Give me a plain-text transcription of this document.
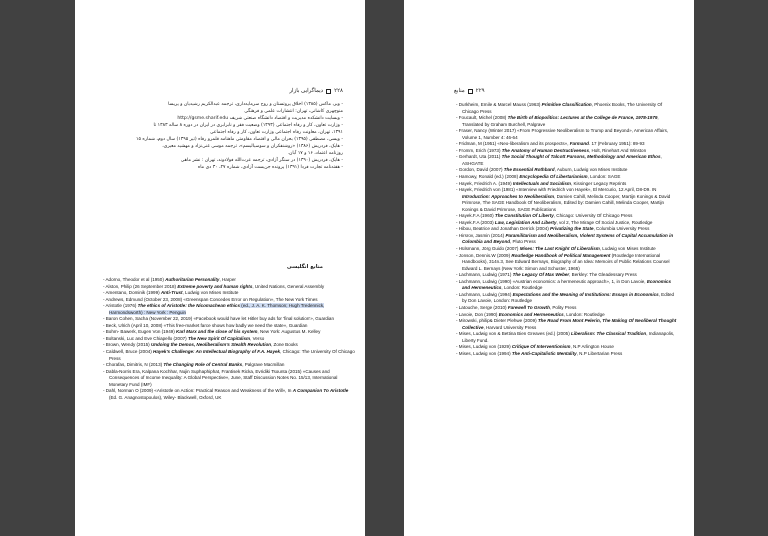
۲۲۸
دیماگرایی بازار
- وبر، ماکس (۱۳۸۵) اخلاق پروتستان و روح سرمایه‌داری، ترجمه عبدالکریم رشیدیان و پریسا
منوچهری کاشانی، تهران: انتشارات علمی و فرهنگی
- وبسایت دانشکده مدیریت و اقتصاد دانشگاه صنعتی شریف http://gsme.sharif.edu
- وزارت تعاون، کار و رفاه اجتماعی (۱۳۹۳) وضعیت فقر و نابرابری در ایران در دوره ۸ ساله ۱۳۸۳ تا
۱۳۹۱، تهران، معاونت رفاه اجتماعی وزارت تعاون، کار و رفاه اجتماعی
- ویسی، مصطفی (۱۳۹۵) بحران مالی و اقتصاد مقاومتی ماهنامه قلمرو رفاه (تیر ۱۳۹۵) سال دوم، شماره ۱۵
- هایک، فردریش (۱۳۸۶) «روشنفکران و سوسیالیسم»، ترجمه موسی غنی‌نژاد و مهشید معیری،
روزنامه اعتماد، ۱۶ و ۱۷ آبان.
- هایک، فردریش (۱۳۹۰) در سنگر آزادی، ترجمه عزت‌الله فولادوند، تهران : نشر ماهی
- هفته‌نامه تجارت فردا (۱۳۹۱) پرونده جن‌بست آزادی، شماره ۲۷، ۳۰ دی ماه
منابع انگلیسی
- Adorno, Theodor et al (1950) Authoritarian Personality, Harper
- Alston, Philip (26 September 2018) Extreme poverty and human rights, United Nations, General Assembly
- Amentano, Dominik (1999) Anti-Trust, Ludwig von Mises Institute
- Andrews, Edmund (October 23, 2008) «Greenspan Concedes Error on Regulation», The New York Times
- Aristotle (1976) The ethics of Aristotle: the Nicomachean ethics (ed., J. A. K. Thomson; Hugh Tredennick, Harmondsworth) : New York : Penguin
- Baron Cohen, Sacha (November 22, 2019) «Facebook would have let Hitler buy ads for 'final solution'», Guardian
- Beck, Ulrich (April 10, 2008) «This free-market farce shows how badly we need the state», Guardian
- Bohm- Bawerk, Eugen Von (1949) Karl Marx and the close of his system, New York: Augustus M. Kelley
- Boltanski, Luc and Eve Chiapello (2007) The New Spirit Of Capitalism, Verso
- Brown, Wendy (2015) Undoing the Demos, Neoliberalism's Stealth Revolution, Zone Books
- Caldwell, Bruce (2004) Hayek's Challenge: An Intellectual Biography of F.A. Hayek, Chicago: The University Of Chicago Press
- Chorafas, Dimitris, N (2013) The Changing Role of Central Banks, Palgrave Macmillan
- Dabla-Norris Era, Kalpana Kochhar, Nujin Suphaphiphat, Frantisek Ricka, Evridiki Tsounta (2015) «Causes and Consequences of Income Inequality: A Global Perspective», June, Staff Discussion Notes No. 15/13, International Monetary Fund (IMF)
- Dahl, Norman O (2009) «Aristotle on Action: Practical Reason and Weakness of the Will», In A Companion To Aristotle (Ed. G. Anagnostopoulos), Wiley- Blackwell, Oxford, UK
۲۲۹
منابع
- Durkheim, Emile & Marcel Mauss (1963) Primitive Classification, Phoenix Books, The University Of Chicago Press
- Foucault, Michel (2008) The Birth of Biopolitics: Lectures at the College de France, 1978-1979, Translated by Graham Burchell, Palgrave
- Fraser, Nancy (Winter 2017) «From Progressive Neoliberalism to Trump and Beyond», American Affairs, Volume 1, Number 4: 46-64
- Fridman, M (1951) «Neo-liberalism and its prospects», Farmand. 17 (February 1951): 89-93
- Fromm, Erich (1973) The Anatomy of Human Destructiveness, Holt, Rinehart And Winston
- Gerhardt, Uta (2011) The Social Thought of Talcott Parsons, Methodology and American Ethos, ASHGATE
- Gordon, David (2007) The Essential Rothbard, Auburn, Ludwig von Mises Institute
- Hamowy, Ronald (ed.) (2008) Encyclopedia Of Libertarianism, London: SAGE
- Hayek, Friedrich A. (1949) Intellectuals and Socialism, Kissinger Legacy Reprints
- Hayek, Friedrich von (1981) «Interview with Friedrich von Hayek», El Mercurio, 12 April, D8-D9. IN Introduction: Approaches to Neoliberalism, Damien Cahill, Melinda Cooper, Martijn Konings & David Primrose, The SAGE Handbook Of Neoliberalism, Edited by: Damien Cahill, Melinda Cooper, Martijn Konings & David Primrose, SAGE Publications
- Hayek.F.A (1960) The Constitution Of Liberty, Chicago: University Of Chicago Press
- Hayek.F.A (2003) Law, Legislation And Liberty, vol 2, The Mirage Of Social Justice, Routledge
- Hibou, Beatrice and Jonathan Derrick (2004) Privatizing the State, Columbia University Press
- Hirsrov, Jasmin (2014) Paramilitarism and Neoliberalism, Violent Systems of Capital Accumulation in Colombia and Beyond, Pluto Press
- Hülsmann, Jörg Guido (2007) Mises: The Last Knight Of Liberalism, Ludwig von Mises Institute
- Jonson, Dennis.W (2009) Routledge Handbook of Political Management (Routledge International Handbooks), 314n.3, See Edward Bernays, Biography of an Idea: Memoirs of Public Relations Counsel Edward L. Bernays (New York: Simon and Schuster, 1965)
- Lachmann, Ludwig (1971) The Legacy Of Max Weber, Berkley: The Gleadessary Press
- Lachmann, Ludwig (1990) «Austrian economics: a hermeneutic approach», 1, in Don Lavoie, Economics and Hermeneutics, London: Routledge
- Lachmann, Ludwig (1994) Expectations and the Meaning of Institutions: Essays in Economics, Edited by Don Lavoie, London: Routledge
- Latouche, Serge (2010) Farewell To Growth, Polity Press
- Lavoie, Don (1990) Economics and Hermeneutics, London: Routledge
- Mirowski, philip& Dieter Plehwe (2009) The Road From Mont Pelerin, The Making Of Neoliberal Thought Collective, Harvard University Press
- Mises, Ludwig von & Bettina Bien Greaves (ed.) (2005) Liberalism: The Classical Tradition, Indianapolis, Liberty Fund.
- Mises, Ludwig von (1929) Critique Of Interventionism, N.P Arlington House
- Mises, Ludwig von (1994) The Anti-Capitalistic Mentality, N.P Libertarian Press
